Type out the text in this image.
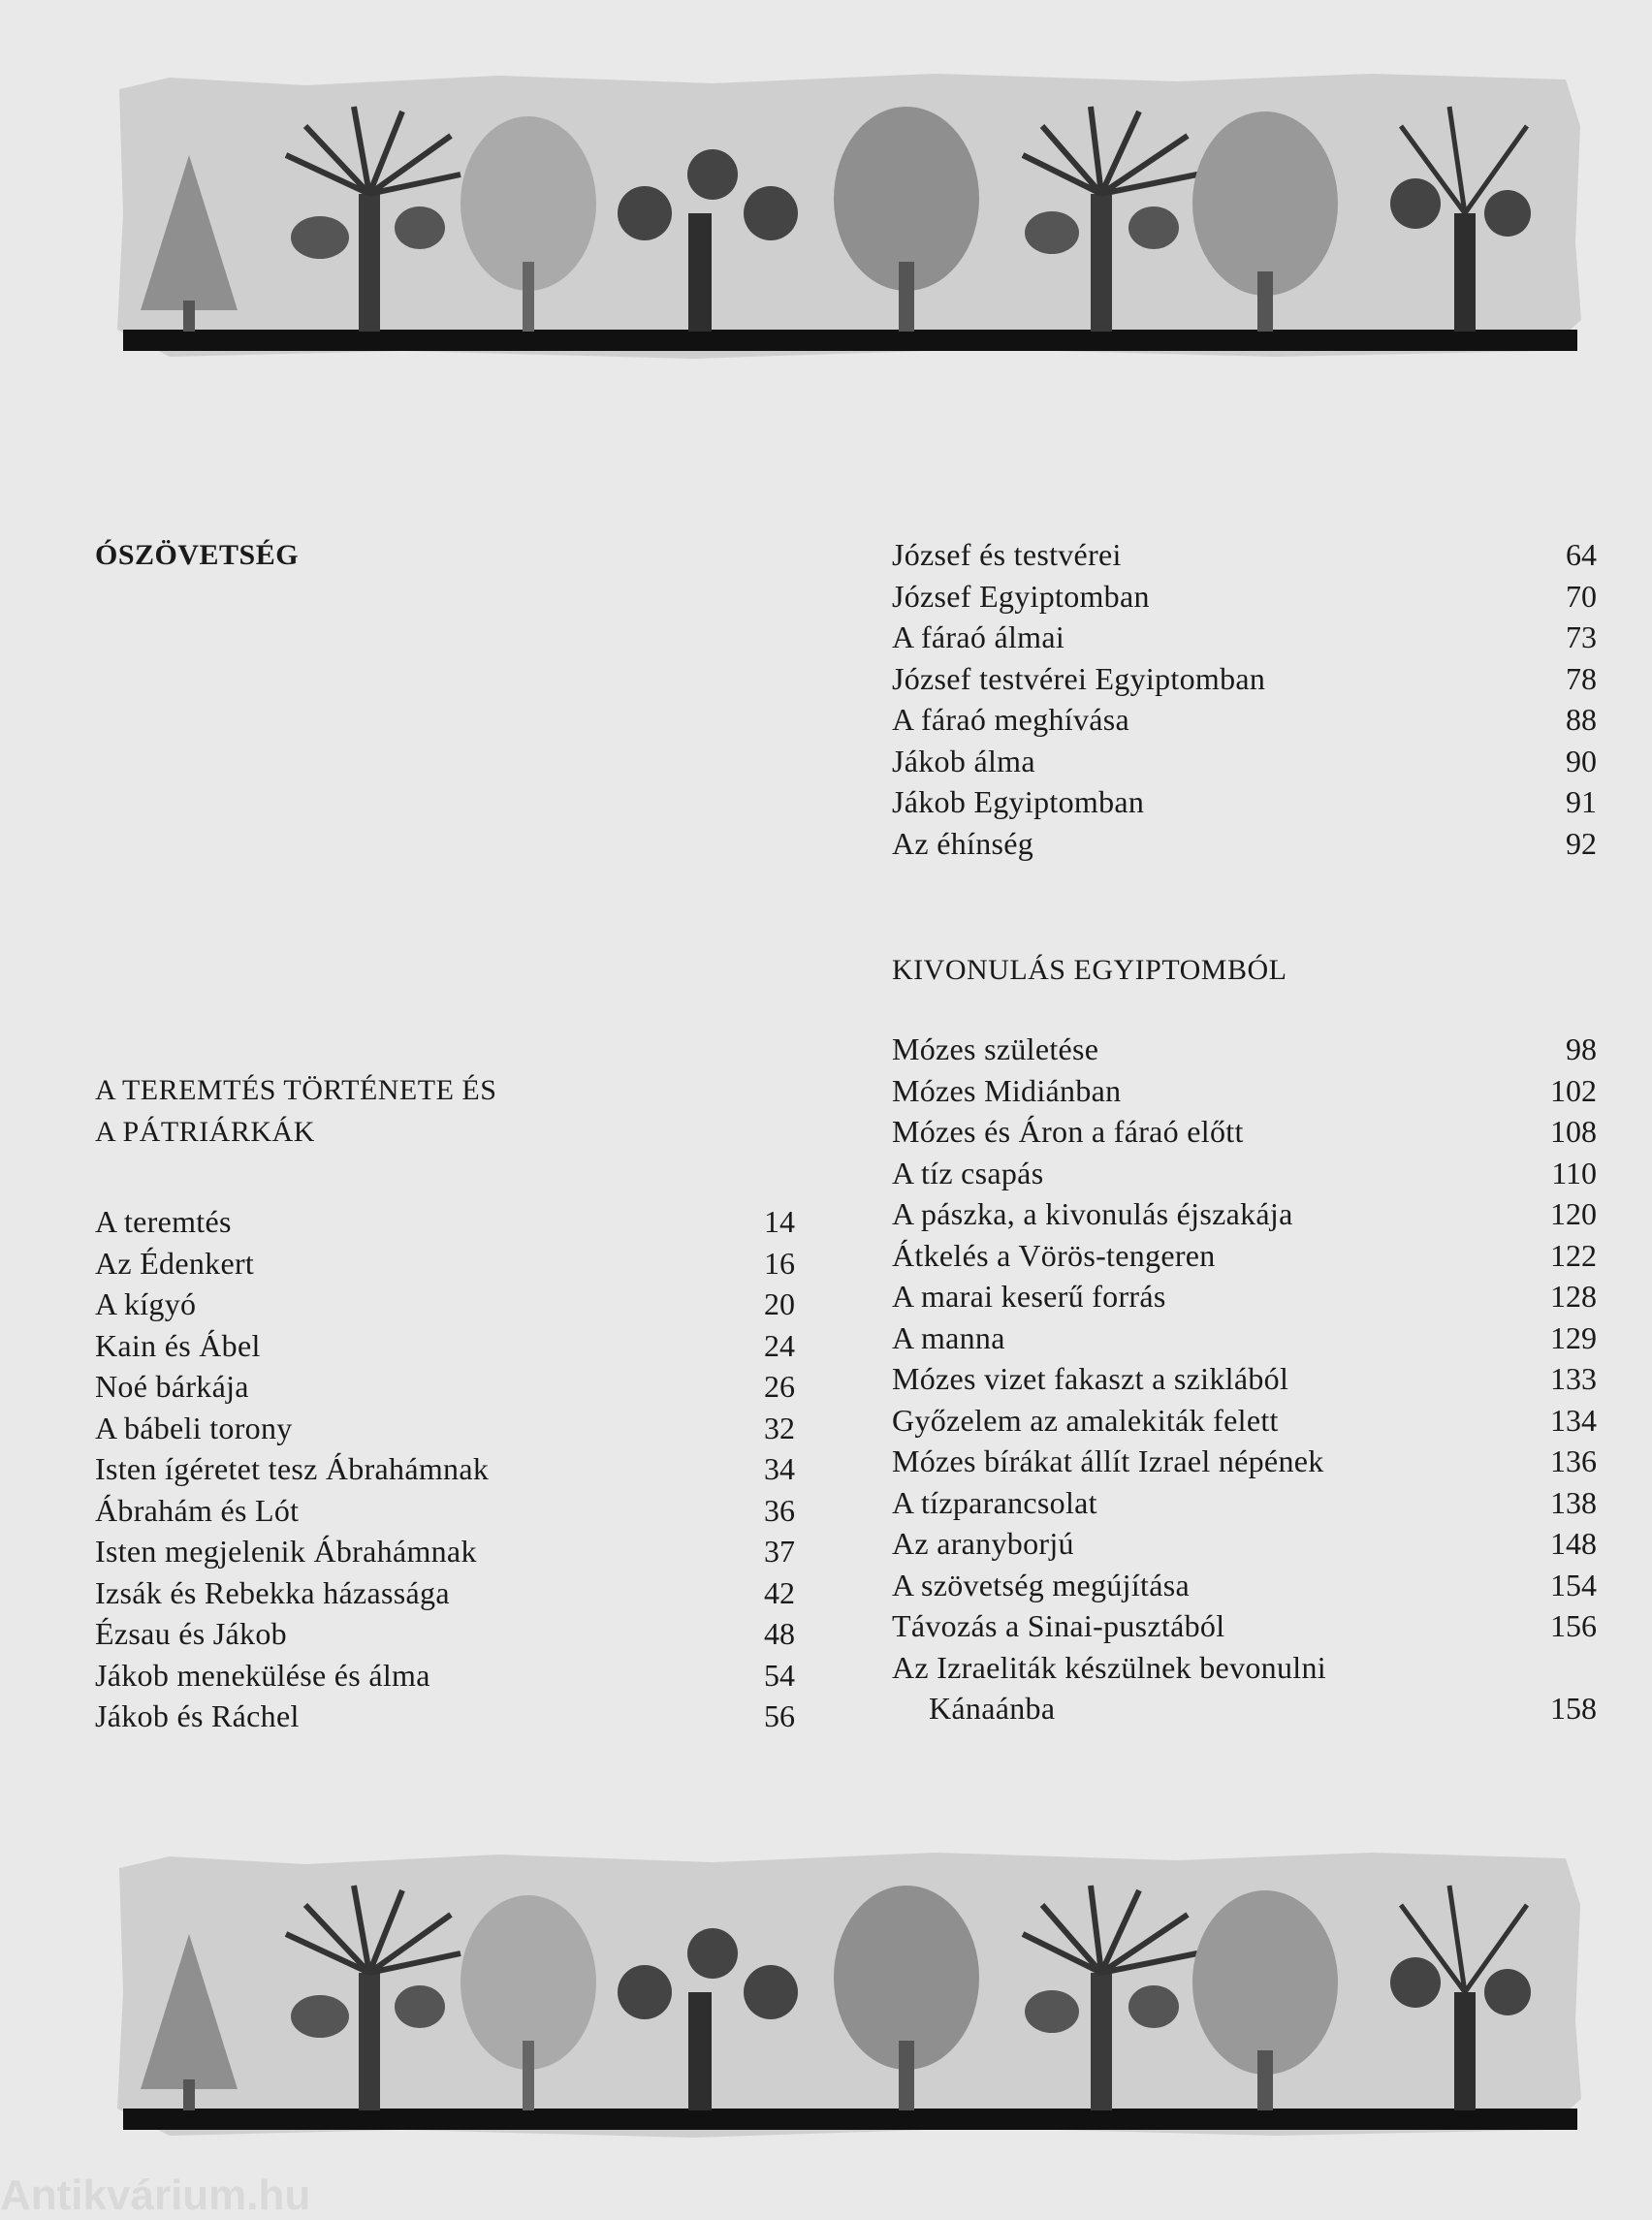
ÓSZÖVETSÉG
A TEREMTÉS TÖRTÉNETE ÉS
A PÁTRIÁRKÁK
A teremtés	14
Az Édenkert	16
A kígyó	20
Kain és Ábel	24
Noé bárkája	26
A bábeli torony	32
Isten ígéretet tesz Ábrahámnak	34
Ábrahám és Lót	36
Isten megjelenik Ábrahámnak	37
Izsák és Rebekka házassága	42
Ézsau és Jákob	48
Jákob menekülése és álma	54
Jákob és Ráchel	56
József és testvérei	64
József Egyiptomban	70
A fáraó álmai	73
József testvérei Egyiptomban	78
A fáraó meghívása	88
Jákob álma	90
Jákob Egyiptomban	91
Az éhínség	92
KIVONULÁS EGYIPTOMBÓL
Mózes születése	98
Mózes Midiánban	102
Mózes és Áron a fáraó előtt	108
A tíz csapás	110
A pászka, a kivonulás éjszakája	120
Átkelés a Vörös-tengeren	122
A marai keserű forrás	128
A manna	129
Mózes vizet fakaszt a sziklából	133
Győzelem az amalekiták felett	134
Mózes bírákat állít Izrael népének	136
A tízparancsolat	138
Az aranyborjú	148
A szövetség megújítása	154
Távozás a Sinai-pusztából	156
Az Izraeliták készülnek bevonulni
Kánaánba	158
Antikvárium.hu
